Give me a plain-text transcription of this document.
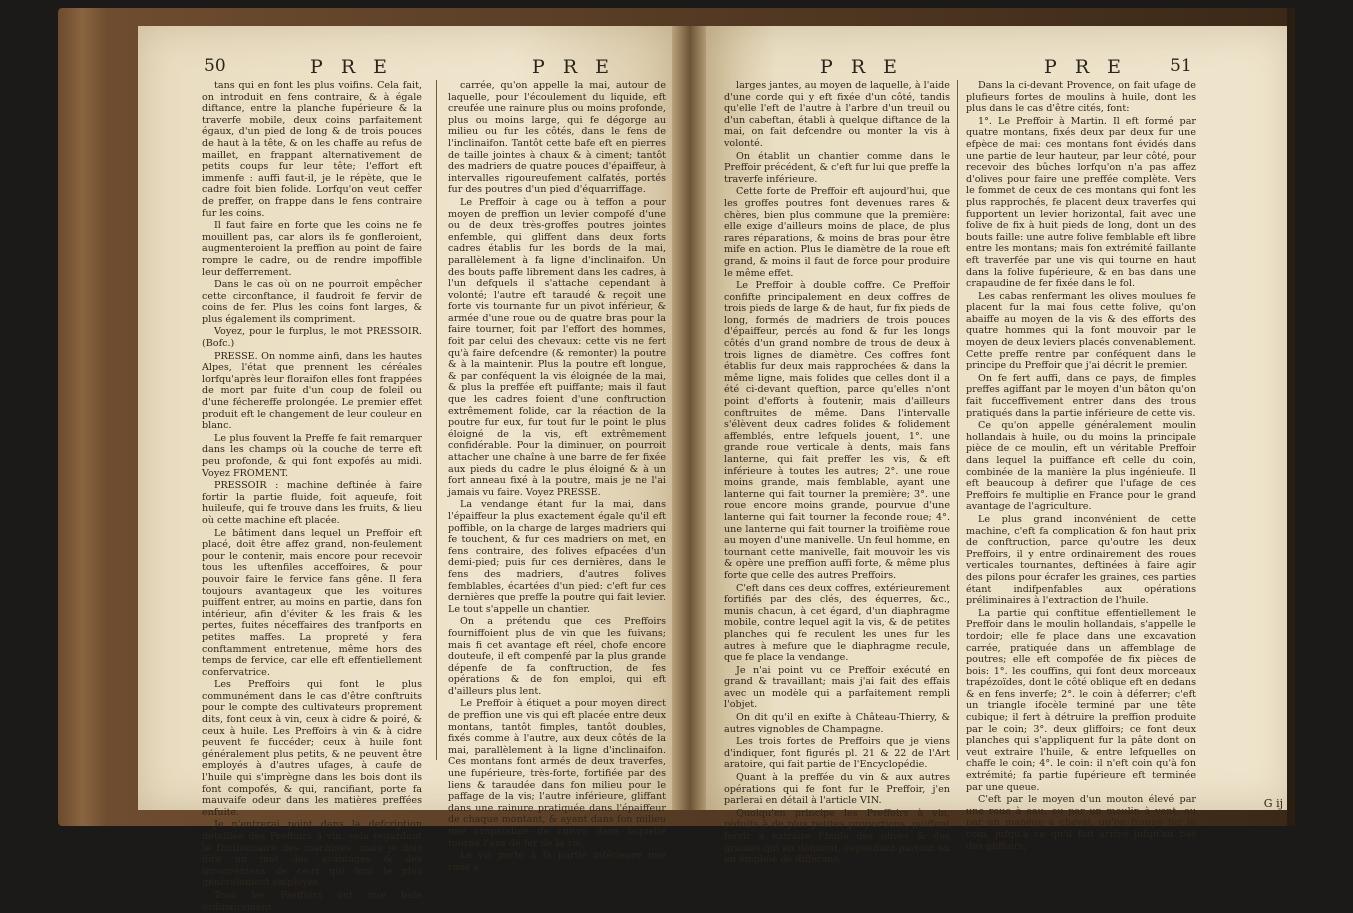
50	P R E	P R E	P R E	P R E	51

tans qui en font les plus voifins. Cela fait, on introduit en fens contraire, & à égale diftance, entre la planche fupérieure & la traverfe mobile, deux coins parfaitement égaux, d'un pied de long & de trois pouces de haut à la tête, & on les chaffe au refus de maillet, en frappant alternativement de petits coups fur leur tête; l'effort eft immenfe : auffi faut-il, je le répète, que le cadre foit bien folide. Lorfqu'on veut ceffer de preffer, on frappe dans le fens contraire fur les coins.

Il faut faire en forte que les coins ne fe mouillent pas, car alors ils fe gonfleroient, augmenteroient la preffion au point de faire rompre le cadre, ou de rendre impoffible leur defferrement.

Dans le cas où on ne pourroit empêcher cette circonftance, il faudroit fe fervir de coins de fer. Plus les coins font larges, & plus également ils compriment.

Voyez, pour le furplus, le mot PRESSOIR. (Bofc.)

PRESSE. On nomme ainfi, dans les hautes Alpes, l'état que prennent les céréales lorfqu'après leur floraifon elles font frappées de mort par fuite d'un coup de foleil ou d'une féchereffe prolongée. Le premier effet produit eft le changement de leur couleur en blanc.

Le plus fouvent la Preffe fe fait remarquer dans les champs où la couche de terre eft peu profonde, & qui font expofés au midi. Voyez FROMENT.

PRESSOIR : machine deftinée à faire fortir la partie fluide, foit aqueufe, foit huileufe, qui fe trouve dans les fruits, & lieu où cette machine eft placée.

Le bâtiment dans lequel un Preffoir eft placé, doit être affez grand, non-feulement pour le contenir, mais encore pour recevoir tous les uftenfiles acceffoires, & pour pouvoir faire le fervice fans gêne. Il fera toujours avantageux que les voitures puiffent entrer, au moins en partie, dans fon intérieur, afin d'éviter & les frais & les pertes, fuites néceffaires des tranfports en petites maffes. La propreté y fera conftamment entretenue, même hors des temps de fervice, car elle eft effentiellement confervatrice.

Les Preffoirs qui font le plus communément dans le cas d'être conftruits pour le compte des cultivateurs proprement dits, font ceux à vin, ceux à cidre & poiré, & ceux à huile. Les Preffoirs à vin & à cidre peuvent fe fuccéder; ceux à huile font généralement plus petits, & ne peuvent être employés à d'autres ufages, à caufe de l'huile qui s'imprègne dans les bois dont ils font compofés, & qui, rancifiant, porte fa mauvaife odeur dans les matières preffées enfuite.

Je n'entrerai point dans la defcription détaillée des Preffoirs à vin, cela regardant le Dictionnaire des machines; mais je dois dire un mot des avantages & des inconvéniens de ceux qui font le plus généralement employés.

Tous les Preffoirs ont une bafe ordinairement

carrée, qu'on appelle la mai, autour de laquelle, pour l'écoulement du liquide, eft creufée une rainure plus ou moins profonde, plus ou moins large, qui fe dégorge au milieu ou fur les côtés, dans le fens de l'inclinaifon. Tantôt cette bafe eft en pierres de taille jointes à chaux & à ciment; tantôt des madriers de quatre pouces d'épaiffeur, à intervalles rigoureufement calfatés, portés fur des poutres d'un pied d'équarriffage.

Le Preffoir à cage ou à teffon a pour moyen de preffion un levier compofé d'une ou de deux très-groffes poutres jointes enfemble, qui gliffent dans deux forts cadres établis fur les bords de la mai, parallèlement à fa ligne d'inclinaifon. Un des bouts paffe librement dans les cadres, à l'un defquels il s'attache cependant à volonté; l'autre eft taraudé & reçoit une forte vis tournante fur un pivot inférieur, & armée d'une roue ou de quatre bras pour la faire tourner, foit par l'effort des hommes, foit par celui des chevaux: cette vis ne fert qu'à faire defcendre (& remonter) la poutre & à la maintenir. Plus la poutre eft longue, & par conféquent la vis éloignée de la mai, & plus la preffée eft puiffante; mais il faut que les cadres foient d'une conftruction extrêmement folide, car la réaction de la poutre fur eux, fur tout fur le point le plus éloigné de la vis, eft extrêmement confidérable. Pour la diminuer, on pourroit attacher une chaîne à une barre de fer fixée aux pieds du cadre le plus éloigné & à un fort anneau fixé à la poutre, mais je ne l'ai jamais vu faire. Voyez PRESSE.

La vendange étant fur la mai, dans l'épaiffeur la plus exactement égale qu'il eft poffible, on la charge de larges madriers qui fe touchent, & fur ces madriers on met, en fens contraire, des folives efpacées d'un demi-pied; puis fur ces dernières, dans le fens des madriers, d'autres folives femblables, écartées d'un pied: c'eft fur ces dernières que preffe la poutre qui fait levier. Le tout s'appelle un chantier.

On a prétendu que ces Preffoirs fourniffoient plus de vin que les fuivans; mais fi cet avantage eft réel, chofe encore douteufe, il eft compenfé par la plus grande dépenfe de fa conftruction, de fes opérations & de fon emploi, qui eft d'ailleurs plus lent.

Le Preffoir à étiquet a pour moyen direct de preffion une vis qui eft placée entre deux montans, tantôt fimples, tantôt doubles, fixés comme à l'autre, aux deux côtés de la mai, parallèlement à la ligne d'inclinaifon. Ces montans font armés de deux traverfes, une fupérieure, très-forte, fortifiée par des liens & taraudée dans fon milieu pour le paffage de la vis; l'autre inférieure, gliffant dans une rainure pratiquée dans l'épaiffeur de chaque montant, & ayant dans fon milieu une crapaudine de cuivre dans laquelle tourne l'axe de fer de la vis.

La vis porte à fa partie inférieure une roue à

larges jantes, au moyen de laquelle, à l'aide d'une corde qui y eft fixée d'un côté, tandis qu'elle l'eft de l'autre à l'arbre d'un treuil ou d'un cabeftan, établi à quelque diftance de la mai, on fait defcendre ou monter la vis à volonté.

On établit un chantier comme dans le Preffoir précédent, & c'eft fur lui que preffe la traverfe inférieure.

Cette forte de Preffoir eft aujourd'hui, que les groffes poutres font devenues rares & chères, bien plus commune que la première: elle exige d'ailleurs moins de place, de plus rares réparations, & moins de bras pour être mife en action. Plus le diamètre de la roue eft grand, & moins il faut de force pour produire le même effet.

Le Preffoir à double coffre. Ce Preffoir confifte principalement en deux coffres de trois pieds de large & de haut, fur fix pieds de long, formés de madriers de trois pouces d'épaiffeur, percés au fond & fur les longs côtés d'un grand nombre de trous de deux à trois lignes de diamètre. Ces coffres font établis fur deux mais rapprochées & dans la même ligne, mais folides que celles dont il a été ci-devant queftion, parce qu'elles n'ont point d'efforts à foutenir, mais d'ailleurs conftruites de même. Dans l'intervalle s'élèvent deux cadres folides & folidement affemblés, entre lefquels jouent, 1°. une grande roue verticale à dents, mais fans lanterne, qui fait preffer les vis, & eft inférieure à toutes les autres; 2°. une roue moins grande, mais femblable, ayant une lanterne qui fait tourner la première; 3°. une roue encore moins grande, pourvue d'une lanterne qui fait tourner la feconde roue; 4°. une lanterne qui fait tourner la troifième roue au moyen d'une manivelle. Un feul homme, en tournant cette manivelle, fait mouvoir les vis & opère une preffion auffi forte, & même plus forte que celle des autres Preffoirs.

C'eft dans ces deux coffres, extérieurement fortifiés par des clés, des équerres, &c., munis chacun, à cet égard, d'un diaphragme mobile, contre lequel agit la vis, & de petites planches qui fe reculent les unes fur les autres à mefure que le diaphragme recule, que fe place la vendange.

Je n'ai point vu ce Preffoir exécuté en grand & travaillant; mais j'ai fait des effais avec un modèle qui a parfaitement rempli l'objet.

On dit qu'il en exifte à Château-Thierry, & autres vignobles de Champagne.

Les trois fortes de Preffoirs que je viens d'indiquer, font figurés pl. 21 & 22 de l'Art aratoire, qui fait partie de l'Encyclopédie.

Quant à la preffée du vin & aux autres opérations qui fe font fur le Preffoir, j'en parlerai en détail à l'article VIN.

Quoiqu'en principe les Preffoirs à vin, réduits à de plus petites proportions, puiffent fervir à extraire l'huile des olives & des graines qui en donnent, cependant partout on en emploie de différens.

Dans la ci-devant Provence, on fait ufage de plufieurs fortes de moulins à huile, dont les plus dans le cas d'être cités, font:

1°. Le Preffoir à Martin. Il eft formé par quatre montans, fixés deux par deux fur une efpèce de mai: ces montans font évidés dans une partie de leur hauteur, par leur côté, pour recevoir des bûches lorfqu'on n'a pas affez d'olives pour faire une preffée complète. Vers le fommet de ceux de ces montans qui font les plus rapprochés, fe placent deux traverfes qui fupportent un levier horizontal, fait avec une folive de fix à huit pieds de long, dont un des bouts faille: une autre folive femblable eft libre entre les montans; mais fon extrémité faillante eft traverfée par une vis qui tourne en haut dans la folive fupérieure, & en bas dans une crapaudine de fer fixée dans le fol.

Les cabas renfermant les olives moulues fe placent fur la mai fous cette folive, qu'on abaiffe au moyen de la vis & des efforts des quatre hommes qui la font mouvoir par le moyen de deux leviers placés convenablement. Cette preffe rentre par conféquent dans le principe du Preffoir que j'ai décrit le premier.

On fe fert auffi, dans ce pays, de fimples preffes agiffant par le moyen d'un bâton qu'on fait fucceffivement entrer dans des trous pratiqués dans la partie inférieure de cette vis.

Ce qu'on appelle généralement moulin hollandais à huile, ou du moins la principale pièce de ce moulin, eft un véritable Preffoir dans lequel la puiffance eft celle du coin, combinée de la manière la plus ingénieufe. Il eft beaucoup à defirer que l'ufage de ces Preffoirs fe multiplie en France pour le grand avantage de l'agriculture.

Le plus grand inconvénient de cette machine, c'eft fa complication & fon haut prix de conftruction, parce qu'outre les deux Preffoirs, il y entre ordinairement des roues verticales tournantes, deftinées à faire agir des pilons pour écrafer les graines, ces parties étant indifpenfables aux opérations préliminaires à l'extraction de l'huile.

La partie qui conftitue effentiellement le Preffoir dans le moulin hollandais, s'appelle le tordoir; elle fe place dans une excavation carrée, pratiquée dans un affemblage de poutres; elle eft compofée de fix pièces de bois: 1°. les couffins, qui font deux morceaux trapézoïdes, dont le côté oblique eft en dedans & en fens inverfe; 2°. le coin à déferrer; c'eft un triangle ifocèle terminé par une tête cubique; il fert à détruire la preffion produite par le coin; 3°. deux gliffoirs; ce font deux planches qui s'appliquent fur la pâte dont on veut extraire l'huile, & entre lefquelles on chaffe le coin; 4°. le coin: il n'eft coin qu'à fon extrémité; fa partie fupérieure eft terminée par une queue.

C'eft par le moyen d'un mouton élevé par une roue à eau, ou par un moulin à vent, ou par un manège à cheval, qu'on frappe fur le coin, jufqu'à ce qu'il foit arrivé jufqu'au bas des gliffoirs,

G ij
